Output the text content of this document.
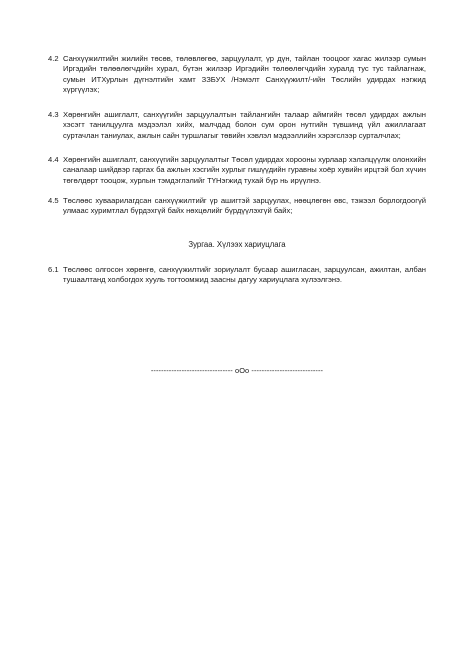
4.2 Санхүүжилтийн жилийн төсөв, төлөвлөгөө, зарцуулалт, үр дүн, тайлан тооцоог хагас жилээр сумын Иргэдийн төлөөлөгчдийн хурал, бүтэн жилээр Иргэдийн төлөөлөгчдийн хуралд тус тус тайлагнаж, сумын ИТХурлын дүгнэлтийн хамт ЗЗБУХ /Нэмэлт Санхүүжилт/-ийн Төслийн удирдах нэгжид хүргүүлэх;
4.3 Хөрөнгийн ашиглалт, санхүүгийн зарцуулалтын тайлангийн талаар аймгийн төсөл удирдах ажлын хэсэгт танилцуулга мэдээлэл хийх, малчдад болон сум орон нутгийн түвшинд үйл ажиллагаат суртачлан таниулах, ажлын сайн туршлагыг төвийн хэвлэл мэдээллийн хэрэгслээр сурталчлах;
4.4 Хөрөнгийн ашиглалт, санхүүгийн зарцуулалтыг Төсөл удирдах хорооны хурлаар хэлэлцүүлж олонхийн саналаар шийдвэр гаргах ба ажлын хэсгийн хурлыг гишүүдийн гуравны хоёр хувийн ирцтэй бол хүчин төгөлдөрт тооцож, хурлын тэмдэглэлийг ТҮНэгжид тухай бүр нь ирүүлнэ.
4.5 Төслөөс хуваарилагдсан санхүүжилтийг үр ашигтэй зарцуулах, нөөцлөгөн өвс, тэжээл борлогдоогүй улмаас хуримтлал бүрдэхгүй байх нөхцөлийг бүрдүүлэхгүй байх;
Зургаа. Хүлээх хариуцлага
6.1 Төслөөс олгосон хөрөнгө, санхүүжилтийг зориулалт бусаар ашигласан, зарцуулсан, ажилтан, албан тушаалтанд холбогдох хууль тогтоомжид заасны дагуу хариуцлага хүлээлгэнэ.
-------------------------------- oOo ----------------------------
